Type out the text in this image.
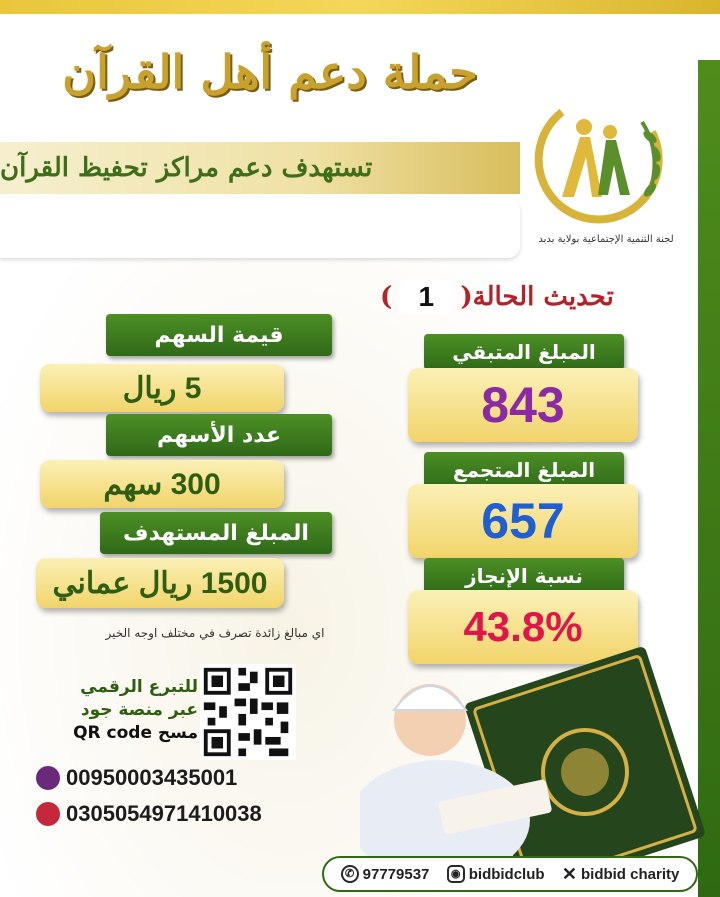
حملة دعم أهل القرآن
تستهدف دعم مراكز تحفيظ القرآن
لجنة التنمية الإجتماعية بولاية بدبد
تحديث الحالة
(
1
)
قيمة السهم
5 ريال
عدد الأسهم
300 سهم
المبلغ المستهدف
1500 ريال عماني
المبلغ المتبقي
843
المبلغ المتجمع
657
نسبة الإنجاز
43.8%
اي مبالغ زائدة تصرف في مختلف اوجه الخير
للتبرع الرقمي
عبر منصة جود
مسح QR code
00950003435001
0305054971410038
✆ 97779537	◉ bidbidclub ✕ bidbid charity
